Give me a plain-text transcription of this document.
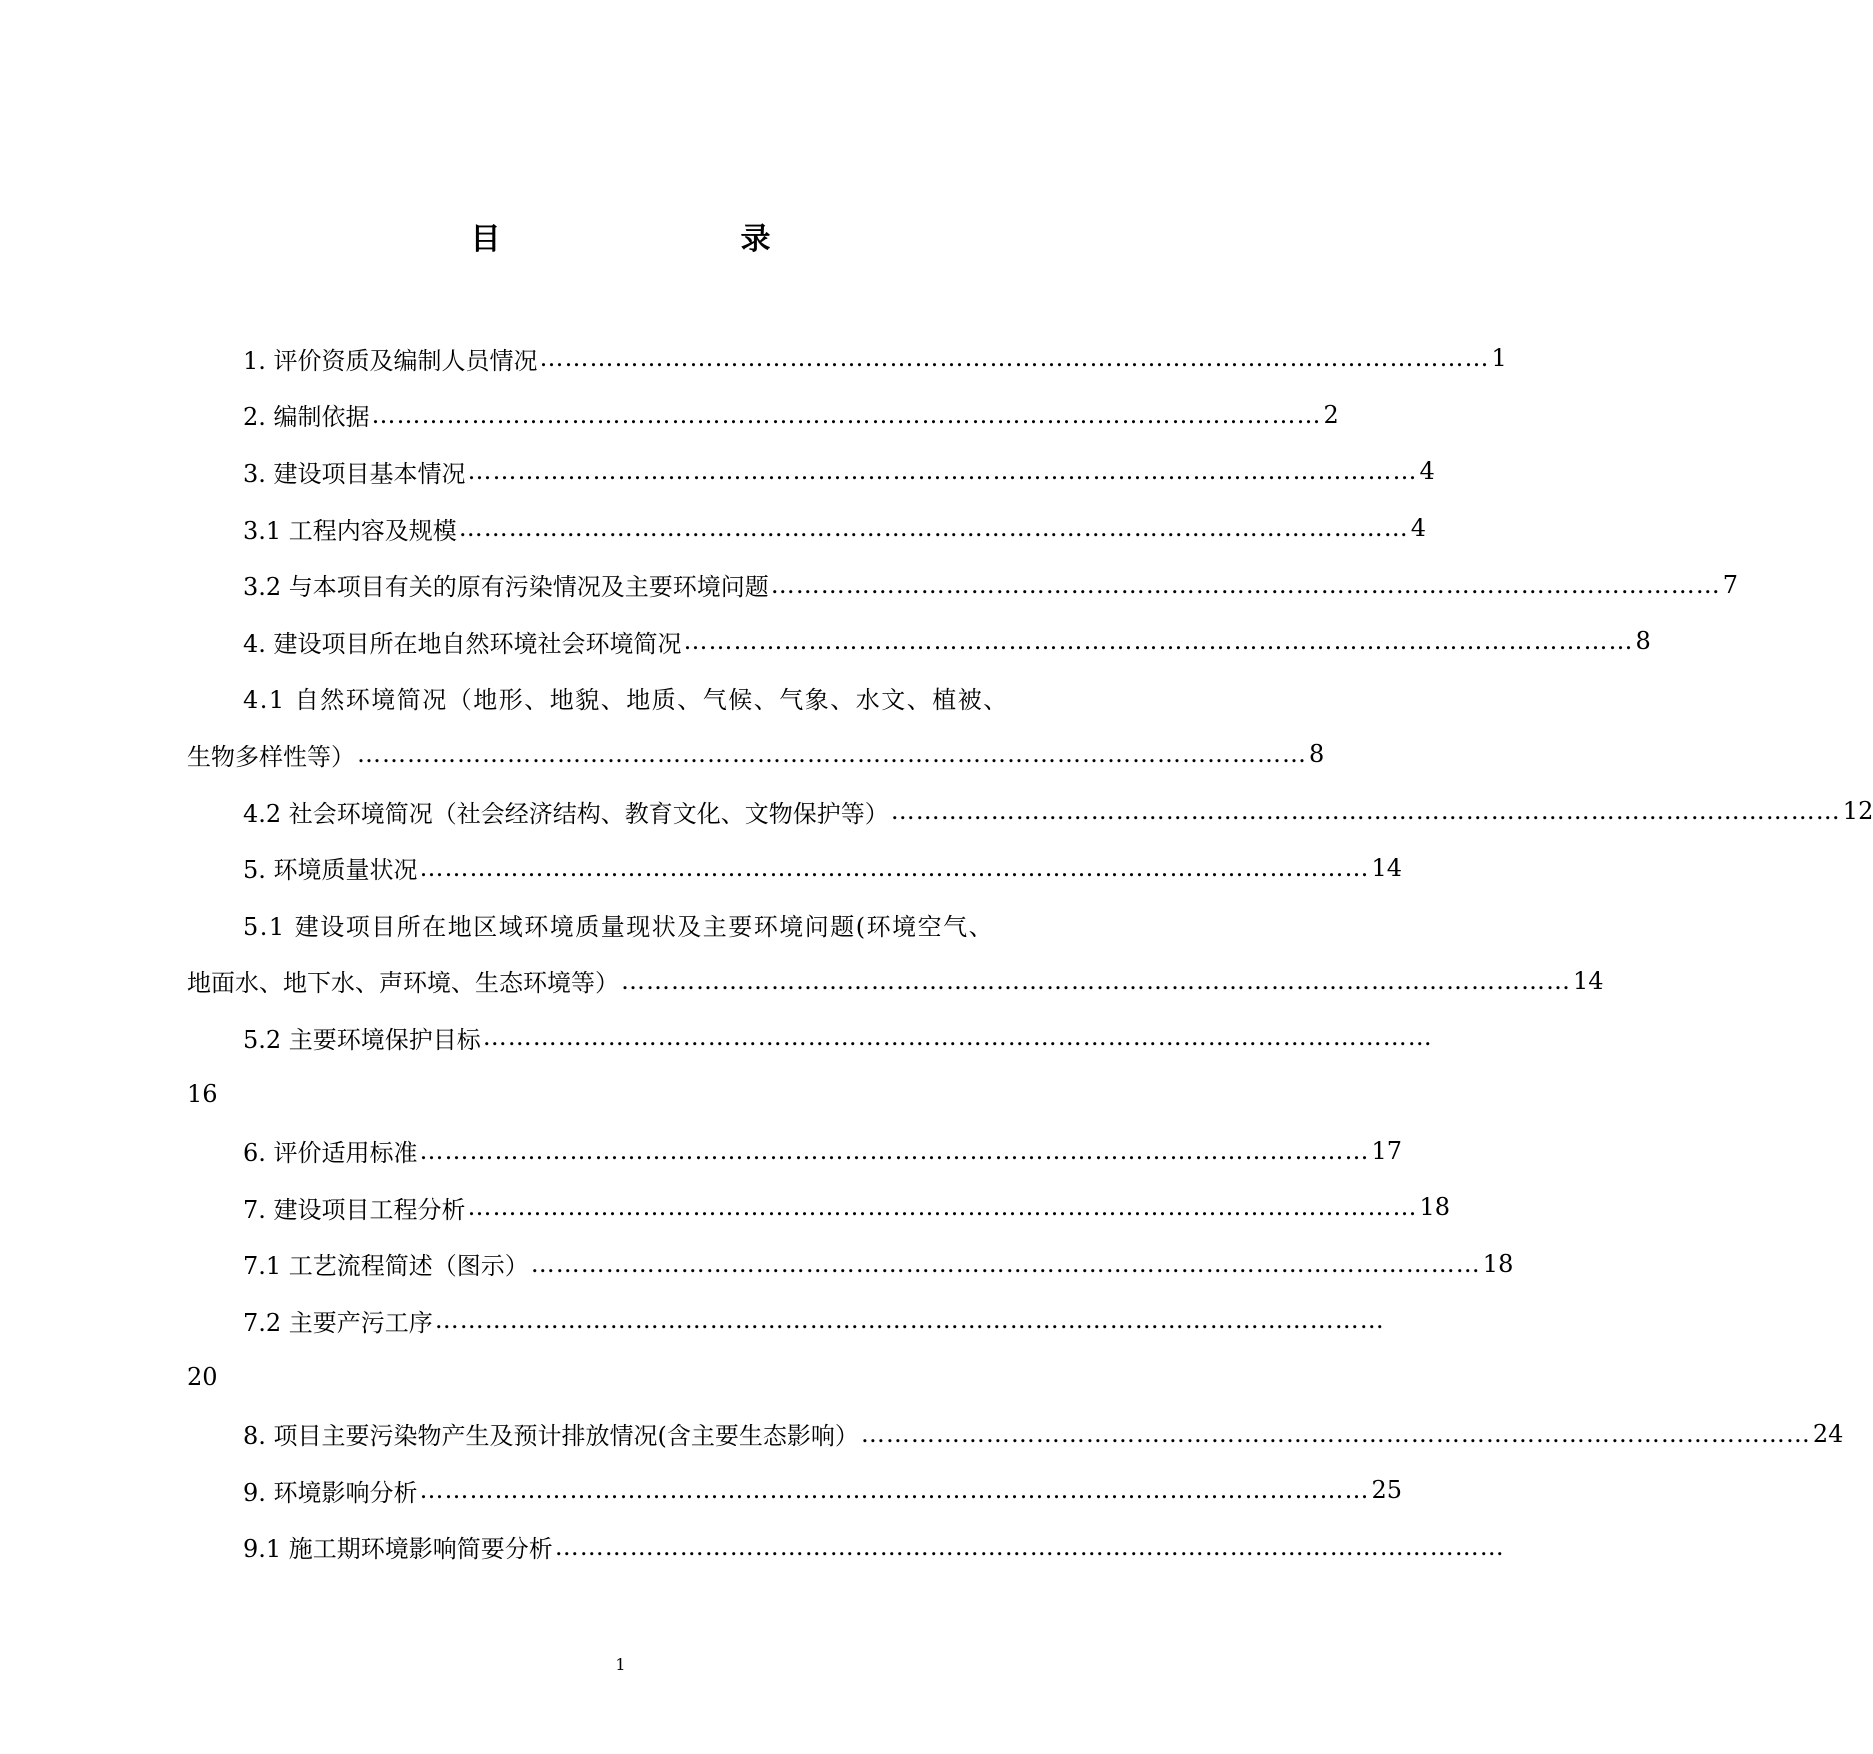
目　　录
1. 评价资质及编制人员情况 …………………………………………………………………………………………………… 1
2. 编制依据 …………………………………………………………………………………………………… 2
3. 建设项目基本情况 …………………………………………………………………………………………………… 4
3.1 工程内容及规模 …………………………………………………………………………………………………… 4
3.2 与本项目有关的原有污染情况及主要环境问题 …………………………………………………………………………………………………… 7
4. 建设项目所在地自然环境社会环境简况 …………………………………………………………………………………………………… 8
4.1 自然环境简况（地形、地貌、地质、气候、气象、水文、植被、
生物多样性等） …………………………………………………………………………………………………… 8
4.2 社会环境简况（社会经济结构、教育文化、文物保护等） …………………………………………………………………………………………………… 12
5. 环境质量状况 …………………………………………………………………………………………………… 14
5.1 建设项目所在地区域环境质量现状及主要环境问题(环境空气、
地面水、地下水、声环境、生态环境等） …………………………………………………………………………………………………… 14
5.2 主要环境保护目标 ……………………………………………………………………………………………………
16
6. 评价适用标准 …………………………………………………………………………………………………… 17
7. 建设项目工程分析 …………………………………………………………………………………………………… 18
7.1 工艺流程简述（图示） …………………………………………………………………………………………………… 18
7.2 主要产污工序 ……………………………………………………………………………………………………
20
8. 项目主要污染物产生及预计排放情况(含主要生态影响） …………………………………………………………………………………………………… 24
9. 环境影响分析 …………………………………………………………………………………………………… 25
9.1 施工期环境影响简要分析 ……………………………………………………………………………………………………
1
